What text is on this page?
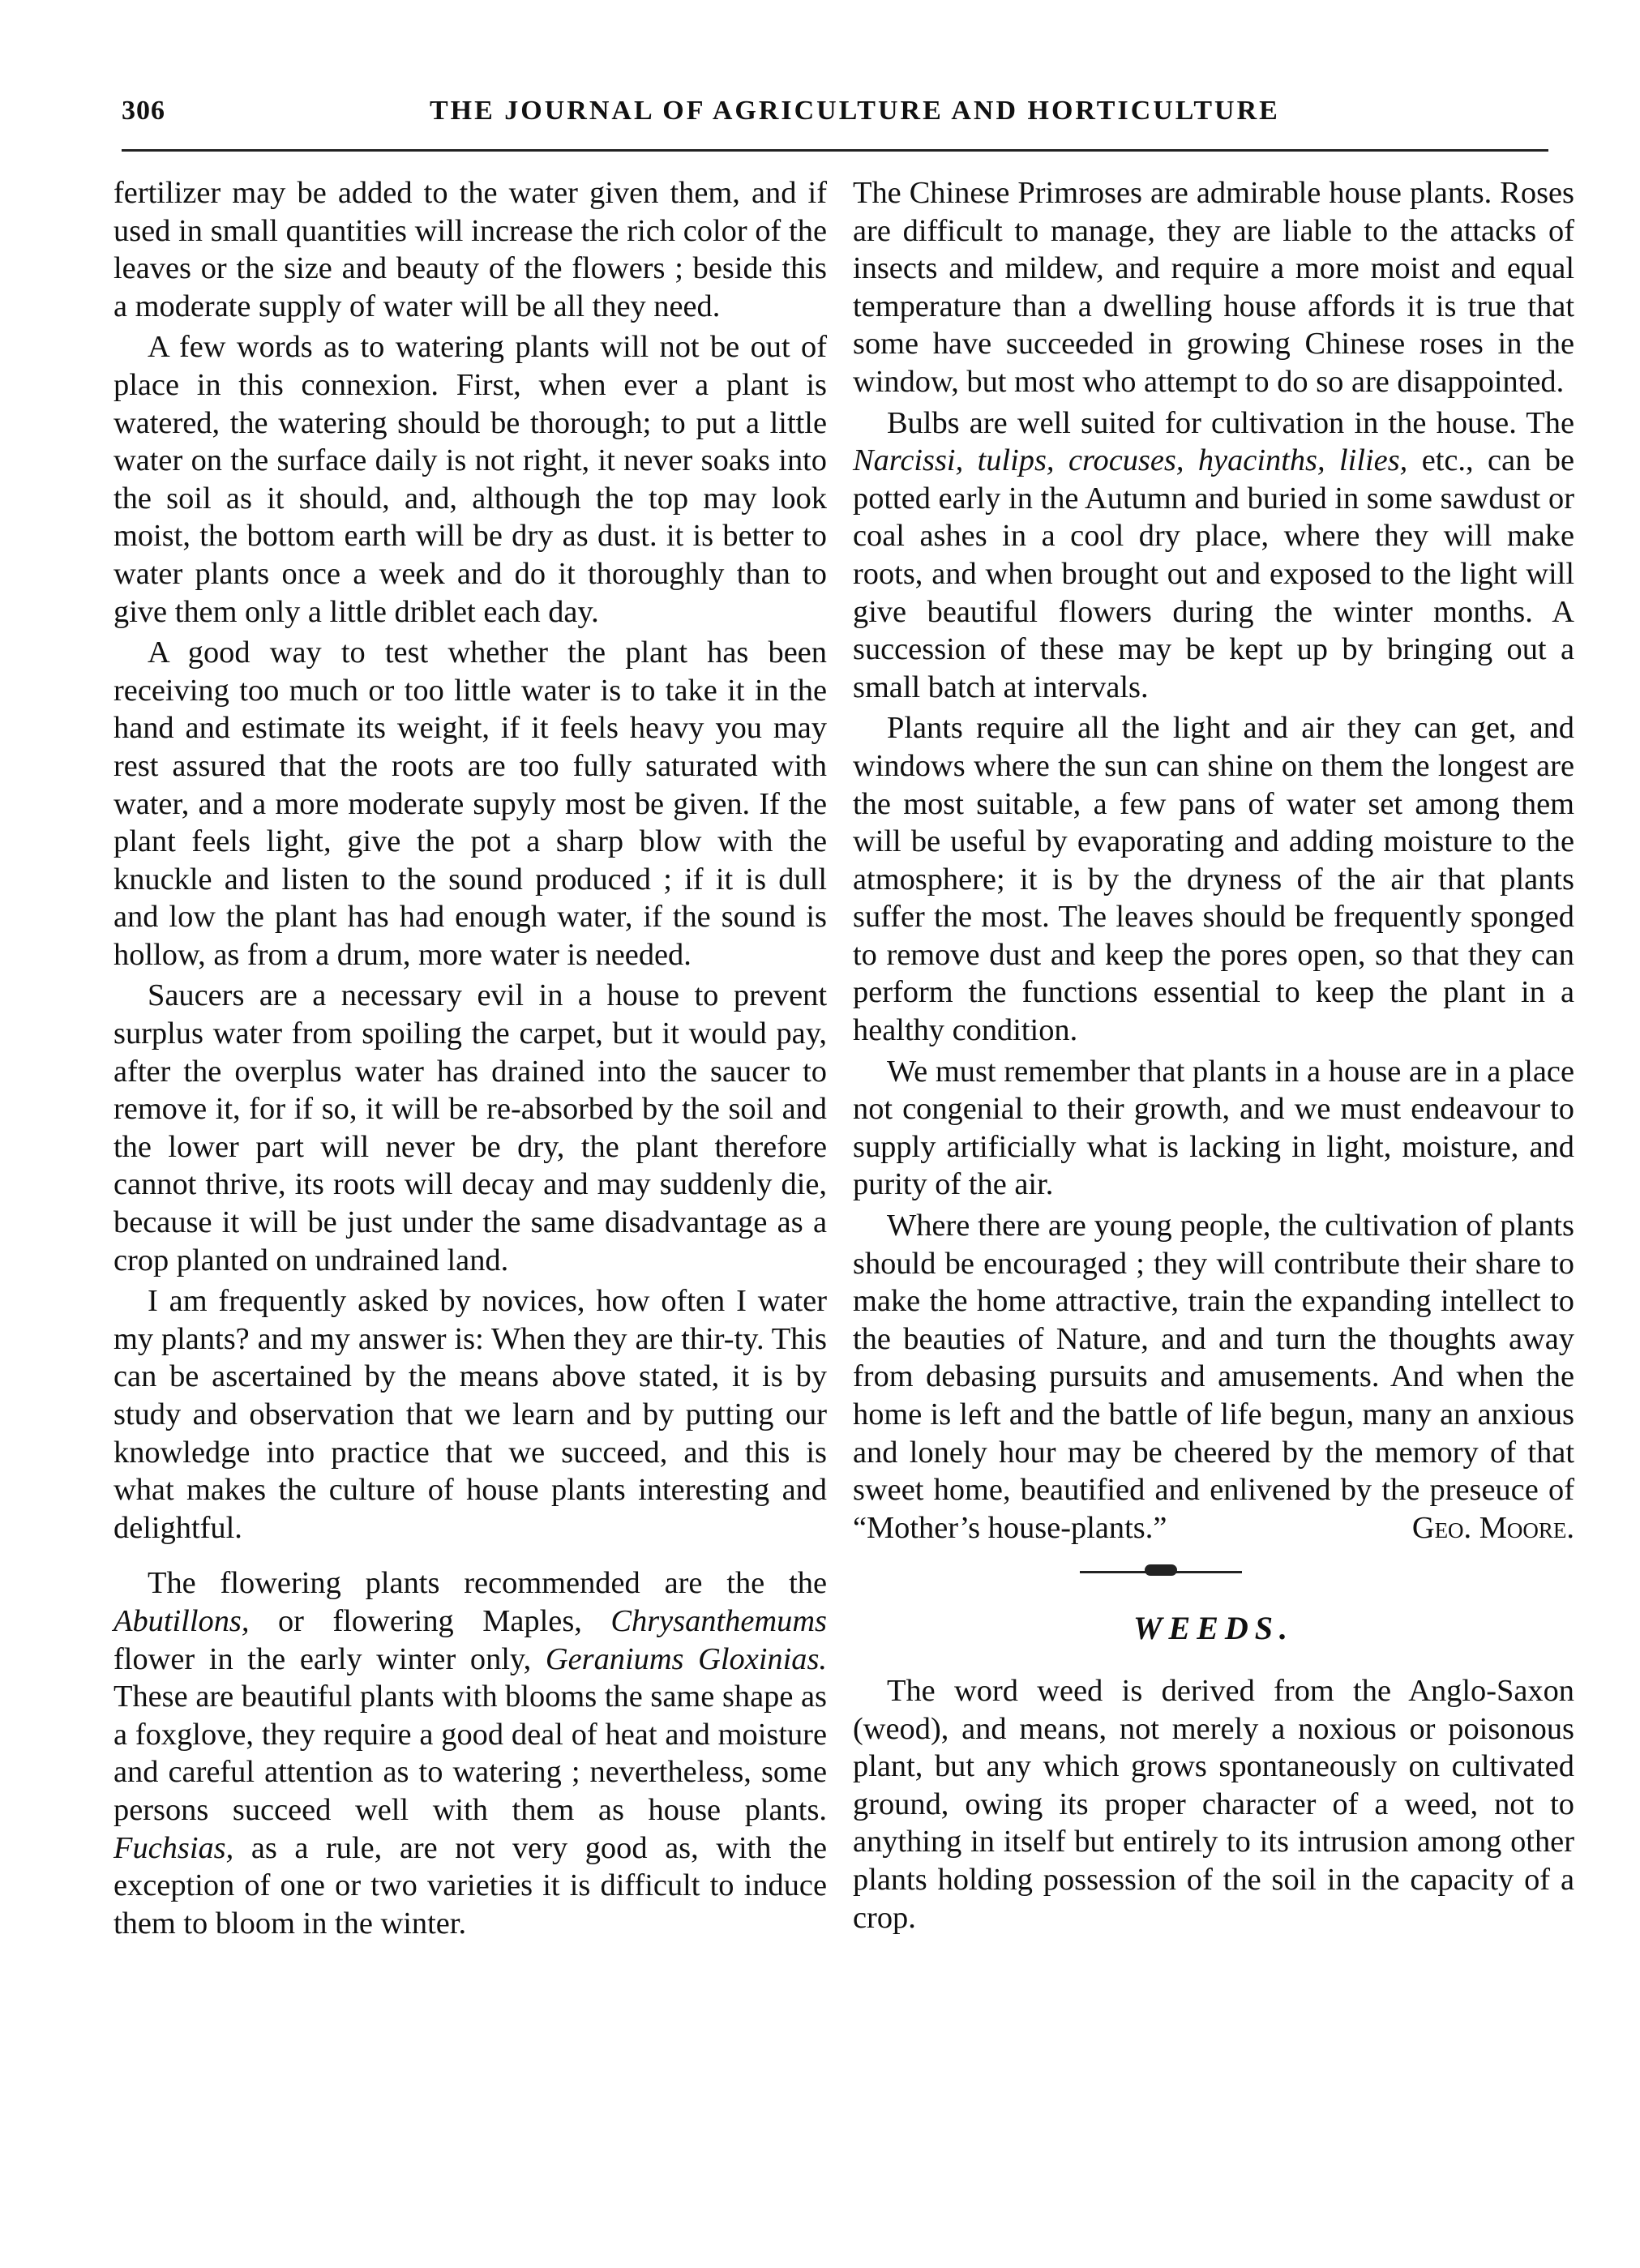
306	THE JOURNAL OF AGRICULTURE AND HORTICULTURE

fertilizer may be added to the water given them, and if used in small quantities will increase the rich color of the leaves or the size and beauty of the flowers ; beside this a moderate supply of water will be all they need.

A few words as to watering plants will not be out of place in this connexion. First, when ever a plant is watered, the watering should be thorough; to put a little water on the surface daily is not right, it never soaks into the soil as it should, and, although the top may look moist, the bottom earth will be dry as dust. it is better to water plants once a week and do it thoroughly than to give them only a little driblet each day.

A good way to test whether the plant has been receiving too much or too little water is to take it in the hand and estimate its weight, if it feels heavy you may rest assured that the roots are too fully saturated with water, and a more moderate supyly most be given. If the plant feels light, give the pot a sharp blow with the knuckle and listen to the sound produced ; if it is dull and low the plant has had enough water, if the sound is hollow, as from a drum, more water is needed.

Saucers are a necessary evil in a house to prevent surplus water from spoiling the carpet, but it would pay, after the overplus water has drained into the saucer to remove it, for if so, it will be re-absorbed by the soil and the lower part will never be dry, the plant therefore cannot thrive, its roots will decay and may suddenly die, because it will be just under the same disadvantage as a crop planted on undrained land.

I am frequently asked by novices, how often I water my plants? and my answer is: When they are thir-ty. This can be ascertained by the means above stated, it is by study and observation that we learn and by putting our knowledge into practice that we succeed, and this is what makes the culture of house plants interesting and delightful.

The flowering plants recommended are the the Abutillons, or flowering Maples, Chrysanthemums flower in the early winter only, Geraniums Gloxinias. These are beautiful plants with blooms the same shape as a foxglove, they require a good deal of heat and moisture and careful attention as to watering ; nevertheless, some persons succeed well with them as house plants. Fuchsias, as a rule, are not very good as, with the exception of one or two varieties it is difficult to induce them to bloom in the winter.

The Chinese Primroses are admirable house plants. Roses are difficult to manage, they are liable to the attacks of insects and mildew, and require a more moist and equal temperature than a dwelling house affords it is true that some have succeeded in growing Chinese roses in the window, but most who attempt to do so are disappointed.

Bulbs are well suited for cultivation in the house. The Narcissi, tulips, crocuses, hyacinths, lilies, etc., can be potted early in the Autumn and buried in some sawdust or coal ashes in a cool dry place, where they will make roots, and when brought out and exposed to the light will give beautiful flowers during the winter months. A succession of these may be kept up by bringing out a small batch at intervals.

Plants require all the light and air they can get, and windows where the sun can shine on them the longest are the most suitable, a few pans of water set among them will be useful by evaporating and adding moisture to the atmosphere; it is by the dryness of the air that plants suffer the most. The leaves should be frequently sponged to remove dust and keep the pores open, so that they can perform the functions essential to keep the plant in a healthy condition.

We must remember that plants in a house are in a place not congenial to their growth, and we must endeavour to supply artificially what is lacking in light, moisture, and purity of the air.

Where there are young people, the cultivation of plants should be encouraged ; they will contribute their share to make the home attractive, train the expanding intellect to the beauties of Nature, and and turn the thoughts away from debasing pursuits and amusements. And when the home is left and the battle of life begun, many an anxious and lonely hour may be cheered by the memory of that sweet home, beautified and enlivened by the preseuce of “Mother’s house-plants.”	Geo. Moore.

WEEDS.

The word weed is derived from the Anglo-Saxon (weod), and means, not merely a noxious or poisonous plant, but any which grows spontaneously on cultivated ground, owing its proper character of a weed, not to anything in itself but entirely to its intrusion among other plants holding possession of the soil in the capacity of a crop.
